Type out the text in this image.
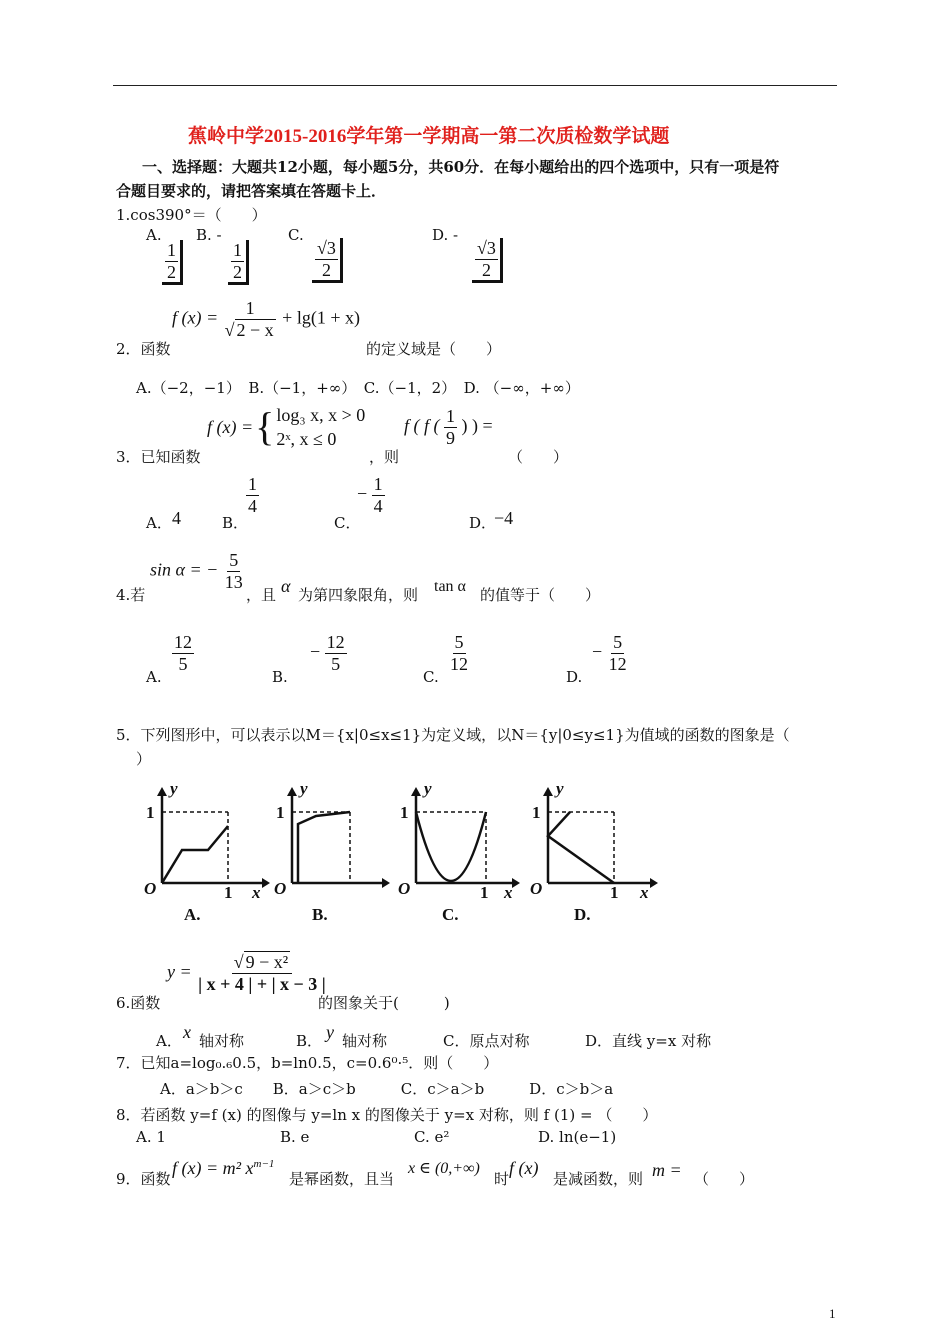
蕉岭中学2015-2016学年第一学期高一第二次质检数学试题
一、选择题：大题共12小题，每小题5分，共60分．在每小题给出的四个选项中，只有一项是符
合题目要求的，请把答案填在答题卡上．
1.cos390°＝（　　）
A. B. -	C.	D. -
$\frac{1}{2}$	$\frac{1}{2}$	$\frac{√3}{2}$	$\frac{√3}{2}$
f $(x) = \frac{1}{√ 2 - x} + \lg(1 + x)$
2．函数	的定义域是（　　）
A.（−2，−1）　B.（−1，+∞）　C.（−1，2）　D. （−∞，+∞）
f (x) = { log₃ x, x > 0
2ˣ, x ≤ 0
3．已知函数	，则
f ( f ( $\frac{1}{9}$ ) ) =
（　　）
A． 4	B．
$\frac{1}{4}$
C．
− $\frac{1}{4}$
D．
−4
sin α = − $\frac{5}{13}$
4.若	，且 α 为第四象限角，则 tan α 的值等于（　　）
A.
$\frac{12}{5}$
B.
− $\frac{12}{5}$
C.
$\frac{5}{12}$
D.
− $\frac{5}{12}$
5．下列图形中，可以表示以M＝{x|0≤x≤1}为定义域，以N＝{y|0≤y≤1}为值域的函数的图象是（
）
1
y
O	1 x
A.
1
y
O
B.
1
y
O	1 x
C.
1
y
O	1 x
D.
$y = \frac{\text{√ 9 − x²}}{| x + 4 | + | x - 3 |}$
6.函数	的图象关于(　　　)
A． x 轴对称	B． y 轴对称	C．原点对称	D．直线 y=x 对称
7．已知a=log₀.₆0.5，b=ln0.5，c=0.6⁰·⁵．则（　　）
A．a＞b＞c　　B．a＞c＞b　　　C．c＞a＞b　　　D．c＞b＞a
8．若函数 y=f (x) 的图像与 y=ln x 的图像关于 y=x 对称，则 f (1) = （　　）
A. 1	B. e	C. e²	D. ln(e−1)
9．函数
f (x) = m² $x^{m-1}$
是幂函数，且当
x ∈ (0,+∞)
时
f (x)
是减函数，则 m = （　　）
1
